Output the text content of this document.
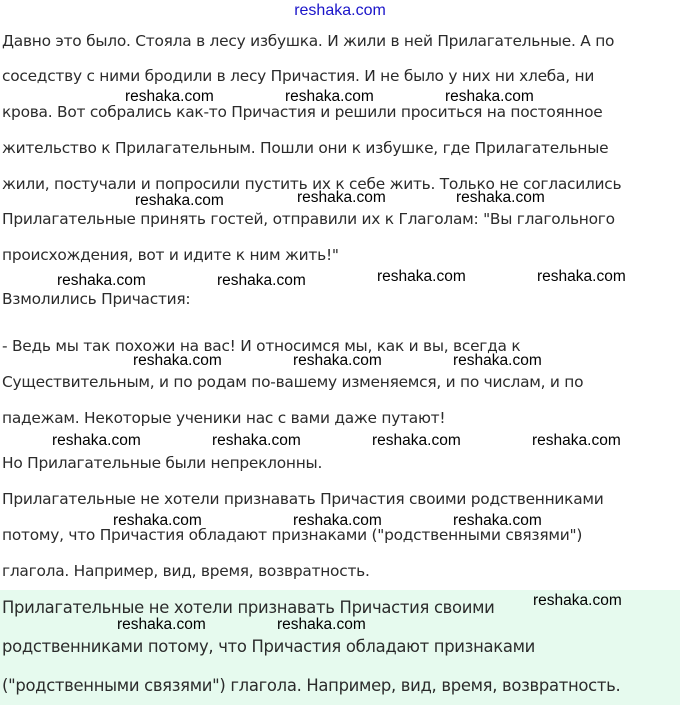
reshaka.com
Давно это было. Стояла в лесу избушка. И жили в ней Прилагательные. А по
соседству с ними бродили в лесу Причастия. И не было у них ни хлеба, ни
крова. Вот собрались как-то Причастия и решили проситься на постоянное
жительство к Прилагательным. Пошли они к избушке, где Прилагательные
жили, постучали и попросили пустить их к себе жить. Только не согласились
Прилагательные принять гостей, отправили их к Глаголам: "Вы глагольного
происхождения, вот и идите к ним жить!"
Взмолились Причастия:
- Ведь мы так похожи на вас! И относимся мы, как и вы, всегда к
Существительным, и по родам по-вашему изменяемся, и по числам, и по
падежам. Некоторые ученики нас с вами даже путают!
Но Прилагательные были непреклонны.
Прилагательные не хотели признавать Причастия своими родственниками
потому, что Причастия обладают признаками ("родственными связями")
глагола. Например, вид, время, возвратность.
Прилагательные не хотели признавать Причастия своими
родственниками потому, что Причастия обладают признаками
("родственными связями") глагола. Например, вид, время, возвратность.
reshaka.com	reshaka.com	reshaka.com
reshaka.com	reshaka.com	reshaka.com
reshaka.com	reshaka.com	reshaka.com	reshaka.com
reshaka.com	reshaka.com	reshaka.com
reshaka.com	reshaka.com	reshaka.com	reshaka.com
reshaka.com	reshaka.com	reshaka.com
reshaka.com
reshaka.com	reshaka.com
